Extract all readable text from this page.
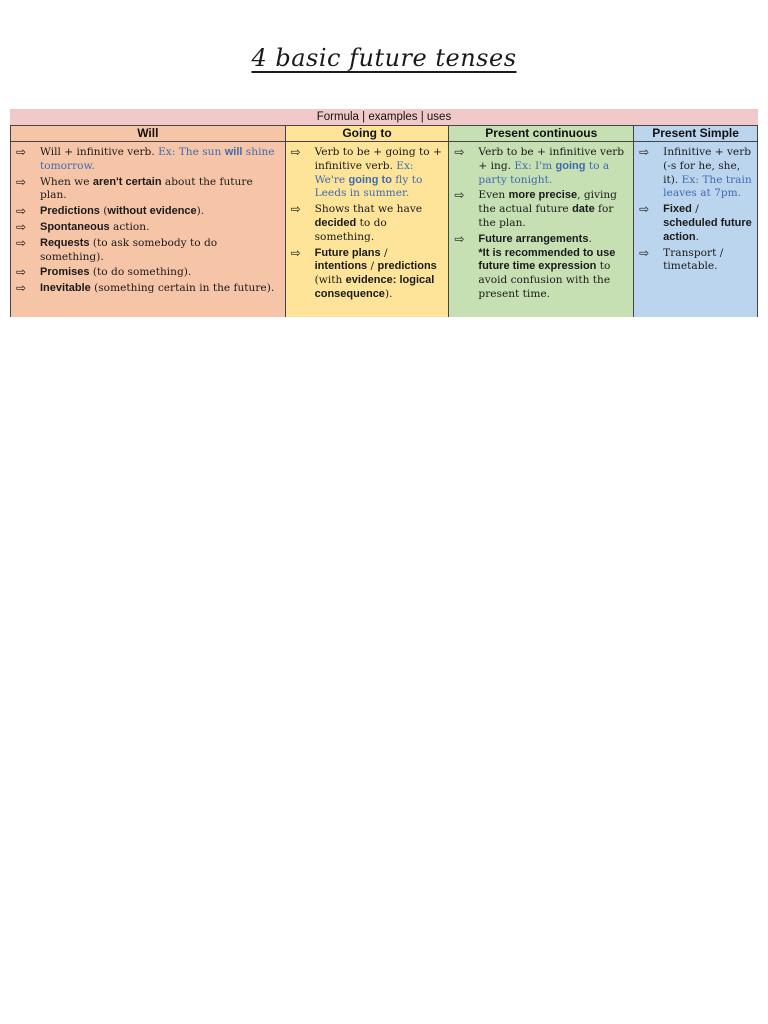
4 basic future tenses
Formula | examples | uses
Will
⇨	Will + infinitive verb. Ex: The sun will shine tomorrow.
⇨	When we aren't certain about the future plan.
⇨	Predictions (without evidence).
⇨	Spontaneous action.
⇨	Requests (to ask somebody to do something).
⇨	Promises (to do something).
⇨	Inevitable (something certain in the future).
Going to
⇨	Verb to be + going to + infinitive verb. Ex: We're going to fly to Leeds in summer.
⇨	Shows that we have decided to do something.
⇨	Future plans / intentions / predictions (with evidence: logical consequence).
Present continuous
⇨	Verb to be + infinitive verb + ing. Ex: I'm going to a party tonight.
⇨	Even more precise, giving the actual future date for the plan.
⇨	Future arrangements.
*It is recommended to use future time expression to avoid confusion with the present time.
Present Simple
⇨	Infinitive + verb (-s for he, she, it). Ex: The train leaves at 7pm.
⇨	Fixed / scheduled future action.
⇨	Transport / timetable.
